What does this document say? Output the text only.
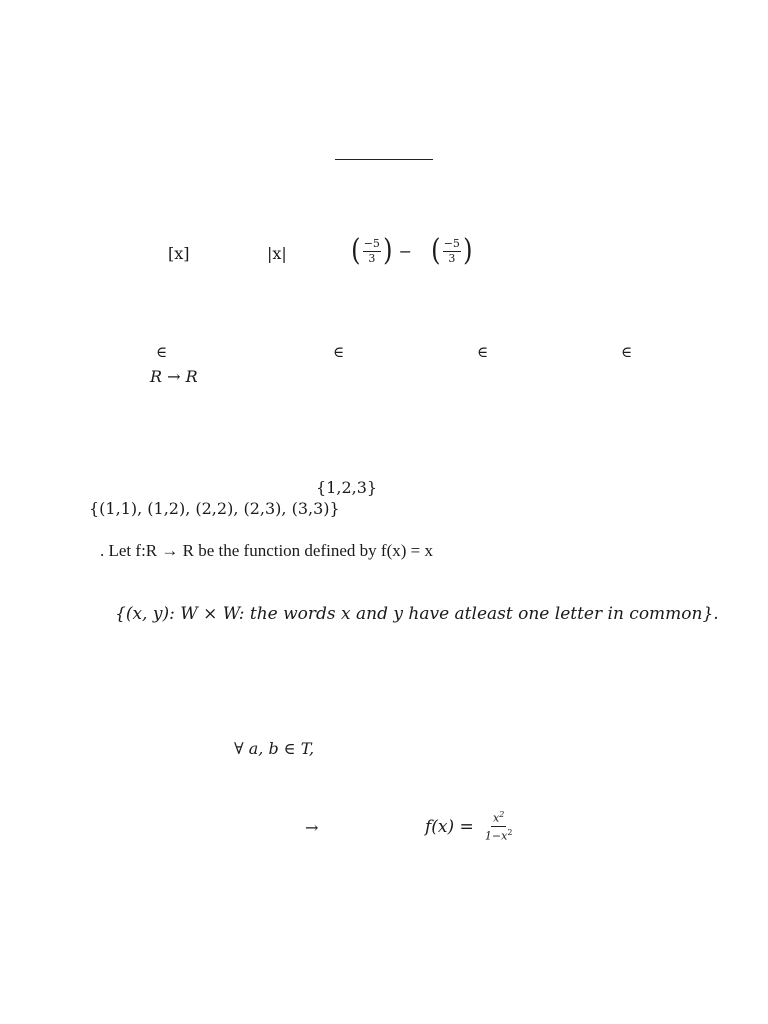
[x]	|x| ( $\frac{-5}{3}$ ) − ( $\frac{-5}{3}$ )
∈	∈	∈	∈
R → R
{1,2,3}
{(1,1), (1,2), (2,2), (2,3), (3,3)}
. Let f:R → R be the function defined by f(x) = x
{(x, y): W × W: the words x and y have atleast one letter in common}.
∀ a, b ∈ T,
→	$f(x) = \frac{x^2}{1-x^2}$
